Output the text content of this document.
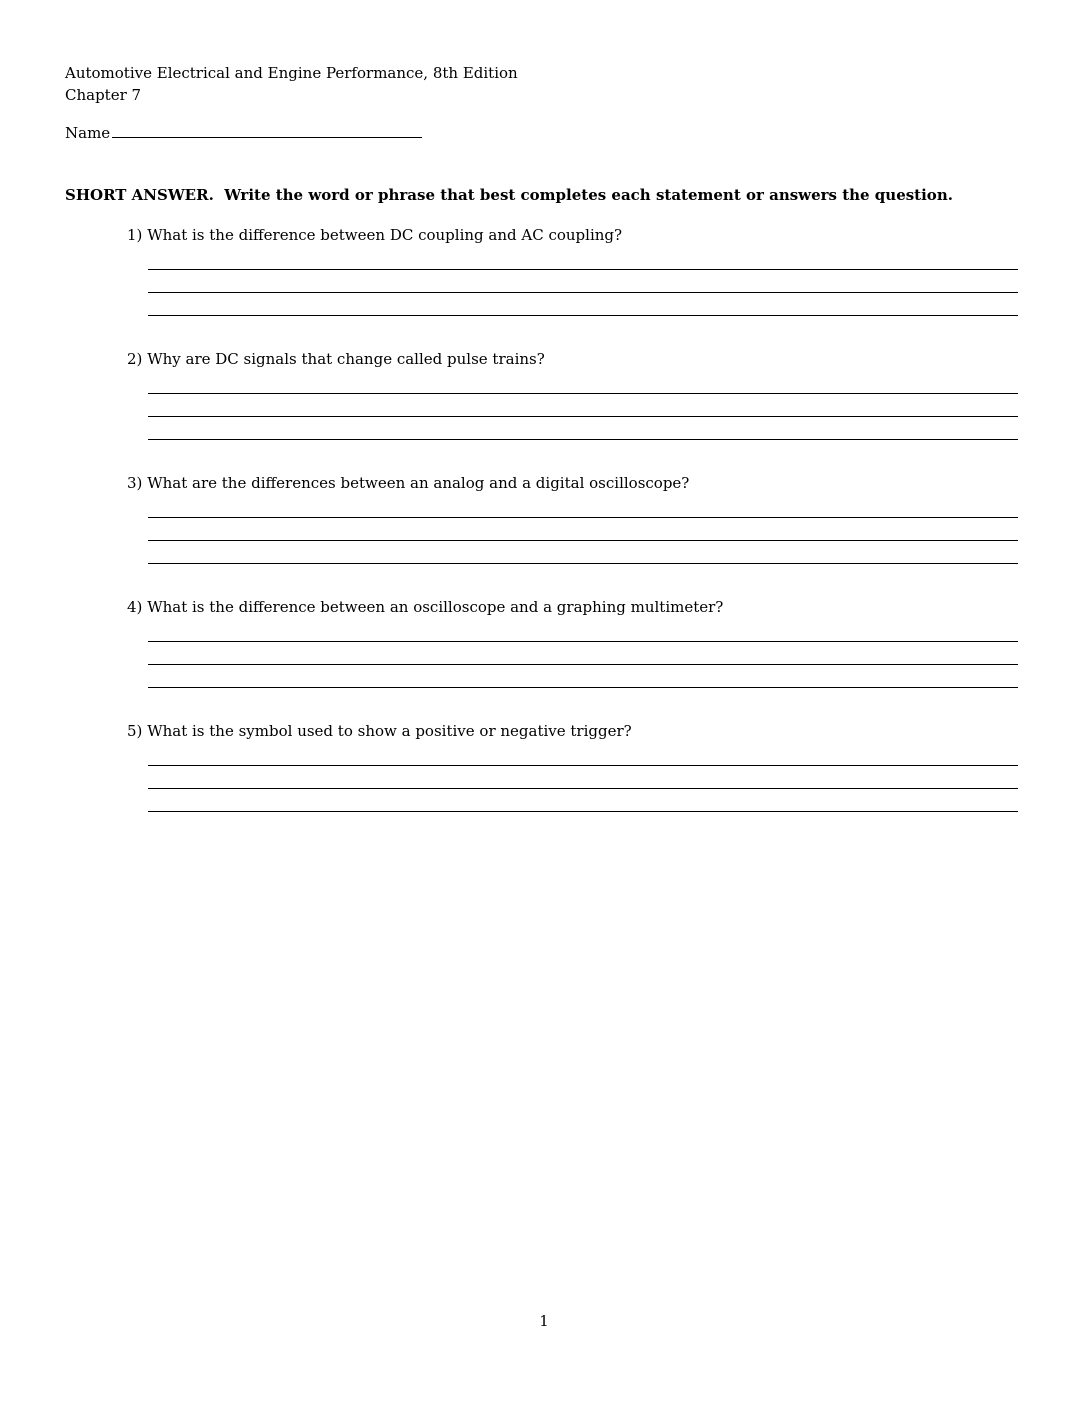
Automotive Electrical and Engine Performance, 8th Edition
Chapter 7
Name
SHORT ANSWER.  Write the word or phrase that best completes each statement or answers the question.
1) What is the difference between DC coupling and AC coupling?
2) Why are DC signals that change called pulse trains?
3) What are the differences between an analog and a digital oscilloscope?
4) What is the difference between an oscilloscope and a graphing multimeter?
5) What is the symbol used to show a positive or negative trigger?
1
